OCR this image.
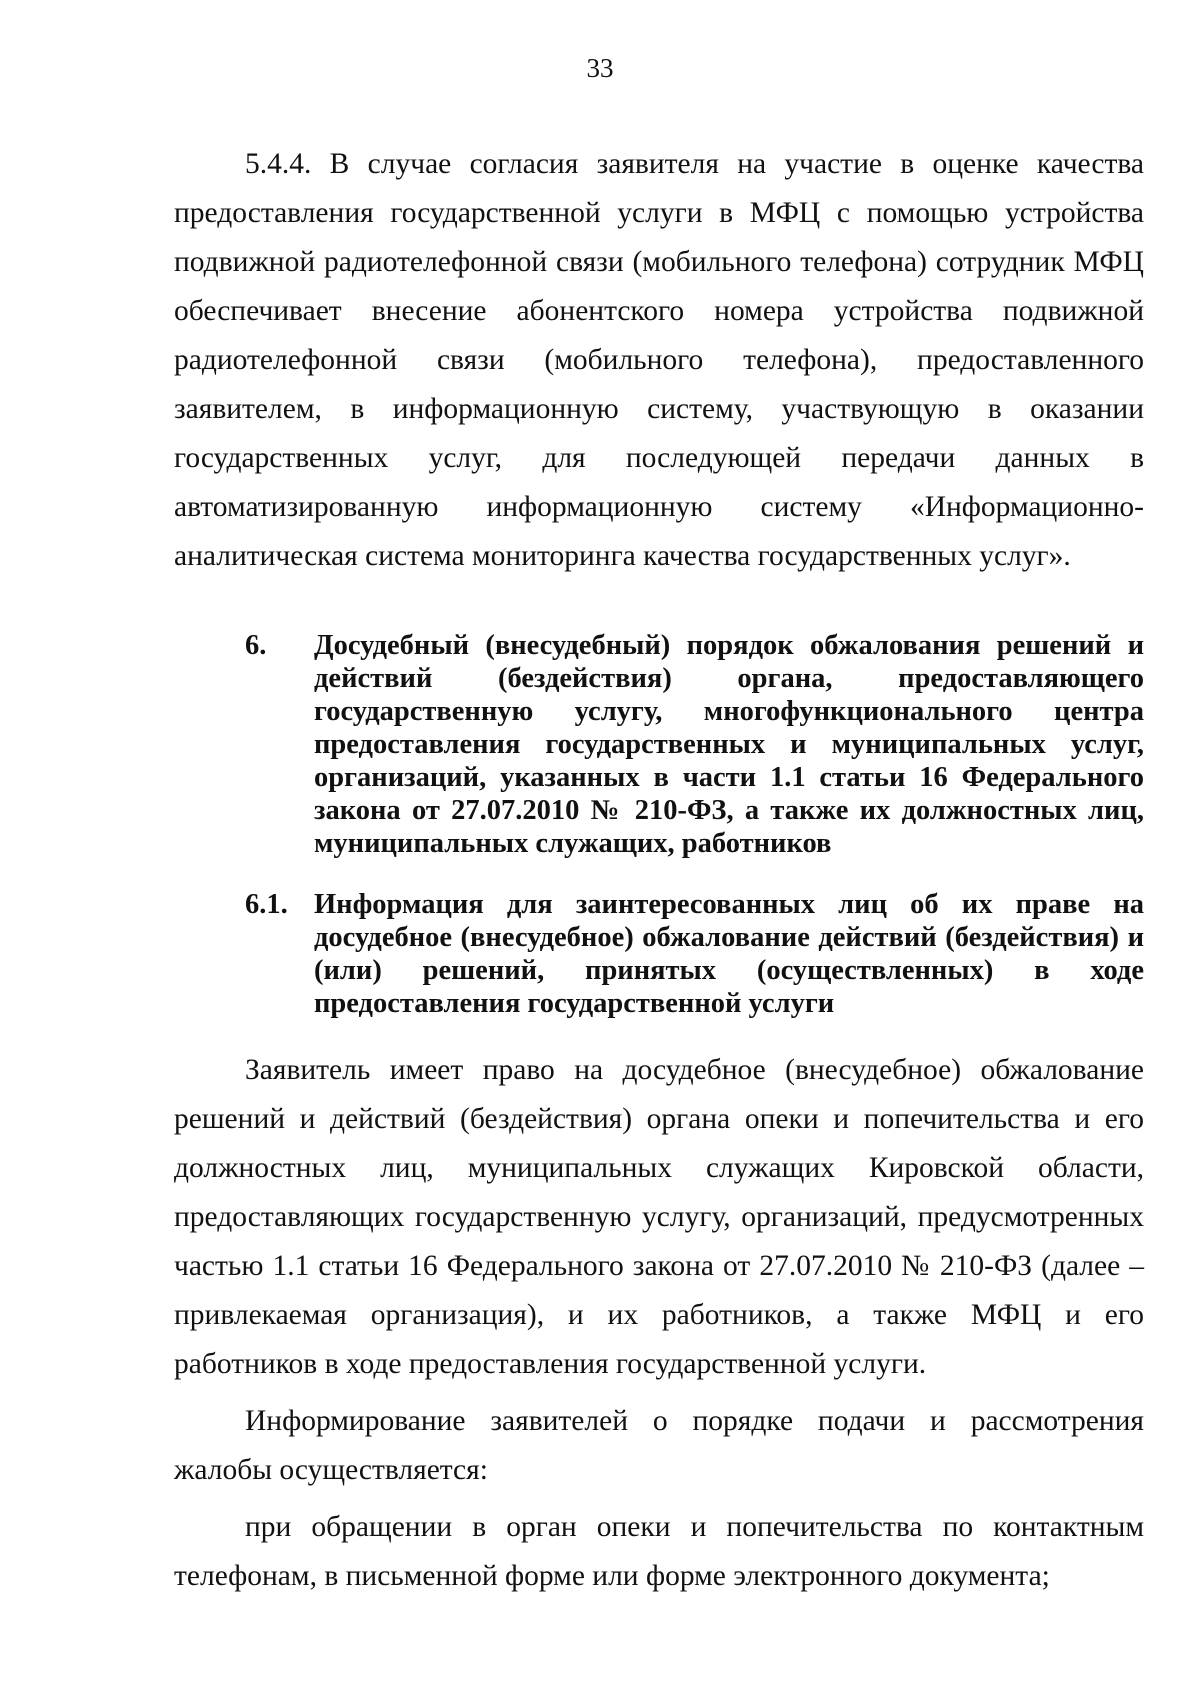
33

5.4.4. В случае согласия заявителя на участие в оценке качества предоставления государственной услуги в МФЦ с помощью устройства подвижной радиотелефонной связи (мобильного телефона) сотрудник МФЦ обеспечивает внесение абонентского номера устройства подвижной радиотелефонной связи (мобильного телефона), предоставленного заявителем, в информационную систему, участвующую в оказании государственных услуг, для последующей передачи данных в автоматизированную информационную систему «Информационно-аналитическая система мониторинга качества государственных услуг».

6.	Досудебный (внесудебный) порядок обжалования решений и действий (бездействия) органа, предоставляющего государственную услугу, многофункционального центра предоставления государственных и муниципальных услуг, организаций, указанных в части 1.1 статьи 16 Федерального закона от 27.07.2010 № 210-ФЗ, а также их должностных лиц, муниципальных служащих, работников
6.1. Информация для заинтересованных лиц об их праве на досудебное (внесудебное) обжалование действий (бездействия) и (или) решений, принятых (осуществленных) в ходе предоставления государственной услуги

Заявитель имеет право на досудебное (внесудебное) обжалование решений и действий (бездействия) органа опеки и попечительства и его должностных лиц, муниципальных служащих Кировской области, предоставляющих государственную услугу, организаций, предусмотренных частью 1.1 статьи 16 Федерального закона от 27.07.2010 № 210-ФЗ (далее – привлекаемая организация), и их работников, а также МФЦ и его работников в ходе предоставления государственной услуги.

Информирование заявителей о порядке подачи и рассмотрения жалобы осуществляется:

при обращении в орган опеки и попечительства по контактным телефонам, в письменной форме или форме электронного документа;
